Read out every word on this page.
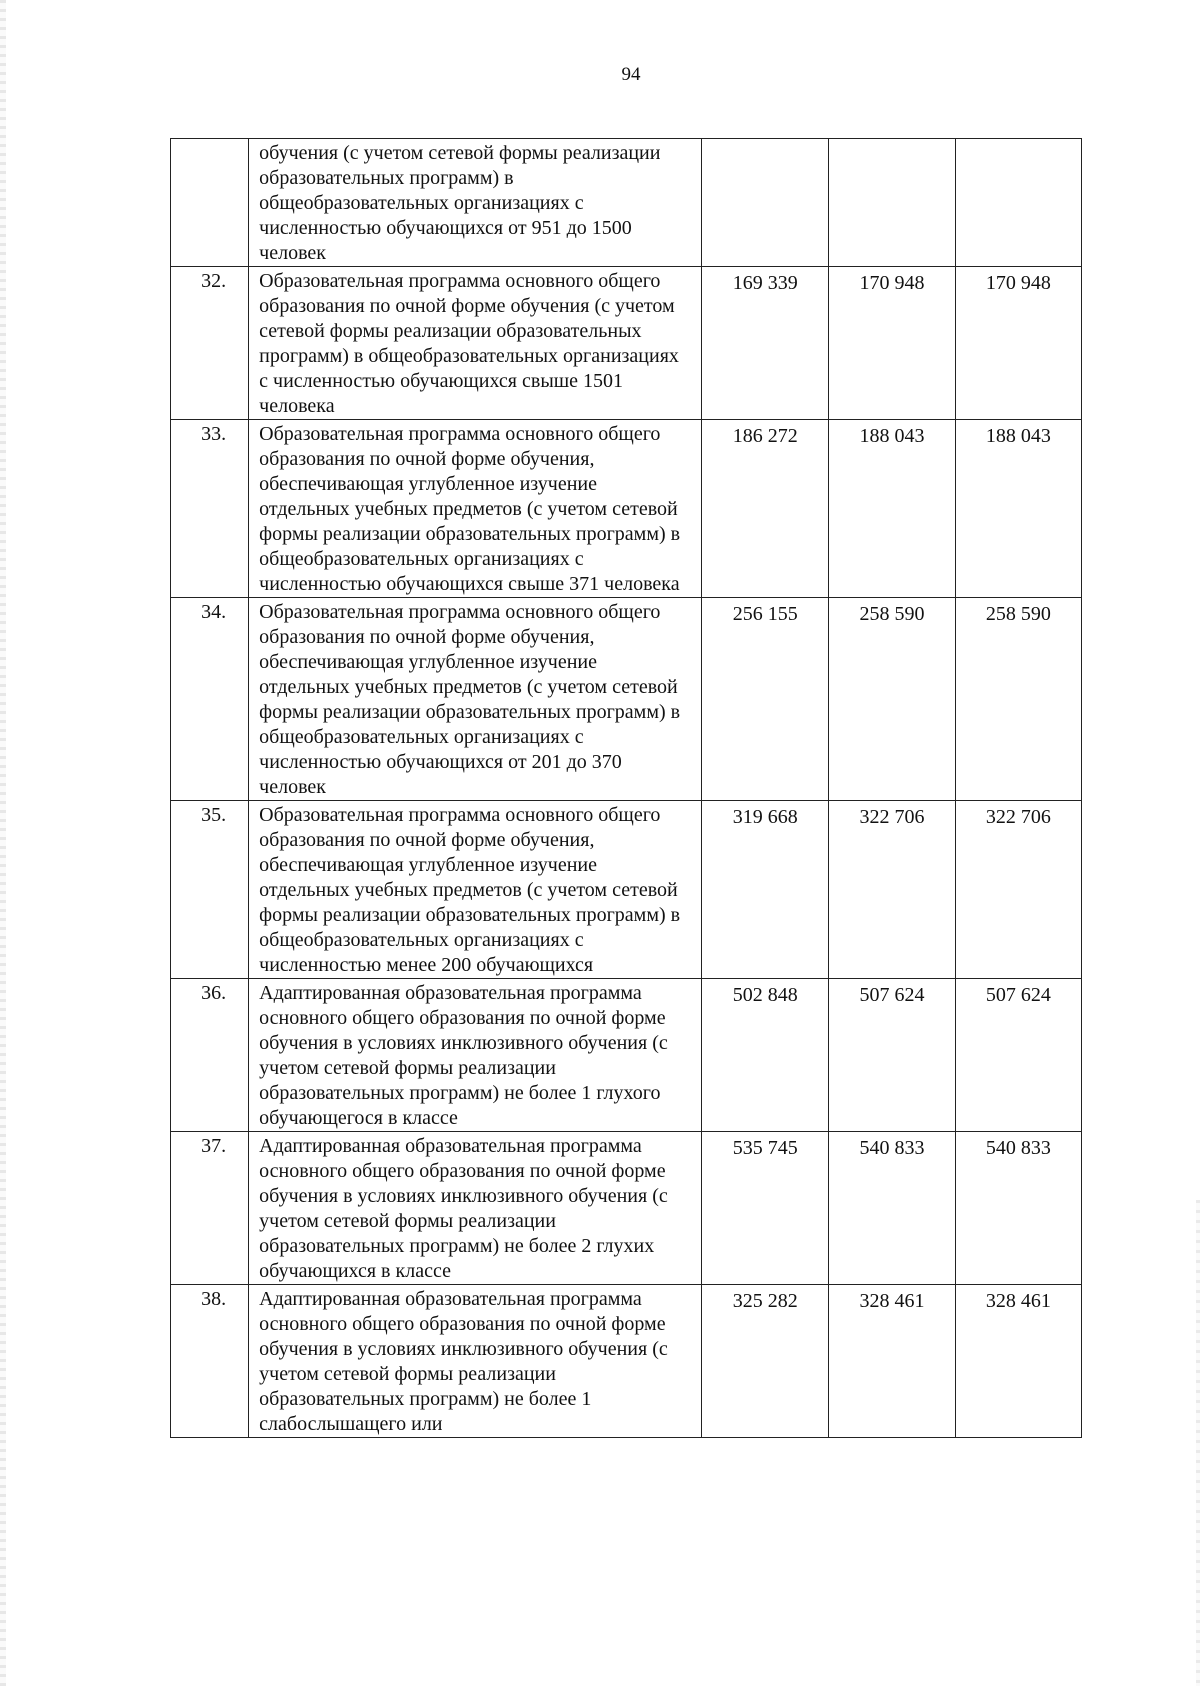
94
	обучения (с учетом сетевой формы реализации образовательных программ) в общеобразовательных организациях с численностью обучающихся от 951 до 1500 человек			
32.	Образовательная программа основного общего образования по очной форме обучения (с учетом сетевой формы реализации образовательных программ) в общеобразовательных организациях с численностью обучающихся свыше 1501 человека	169 339	170 948	170 948
33.	Образовательная программа основного общего образования по очной форме обучения, обеспечивающая углубленное изучение отдельных учебных предметов (с учетом сетевой формы реализации образовательных программ) в общеобразовательных организациях с численностью обучающихся свыше 371 человека	186 272	188 043	188 043
34.	Образовательная программа основного общего образования по очной форме обучения, обеспечивающая углубленное изучение отдельных учебных предметов (с учетом сетевой формы реализации образовательных программ) в общеобразовательных организациях с численностью обучающихся от 201 до 370 человек	256 155	258 590	258 590
35.	Образовательная программа основного общего образования по очной форме обучения, обеспечивающая углубленное изучение отдельных учебных предметов (с учетом сетевой формы реализации образовательных программ) в общеобразовательных организациях с численностью менее 200 обучающихся	319 668	322 706	322 706
36.	Адаптированная образовательная программа основного общего образования по очной форме обучения в условиях инклюзивного обучения (с учетом сетевой формы реализации образовательных программ) не более 1 глухого обучающегося в классе	502 848	507 624	507 624
37.	Адаптированная образовательная программа основного общего образования по очной форме обучения в условиях инклюзивного обучения (с учетом сетевой формы реализации образовательных программ) не более 2 глухих обучающихся в классе	535 745	540 833	540 833
38.	Адаптированная образовательная программа основного общего образования по очной форме обучения в условиях инклюзивного обучения (с учетом сетевой формы реализации образовательных программ) не более 1 слабослышащего или	325 282	328 461	328 461
